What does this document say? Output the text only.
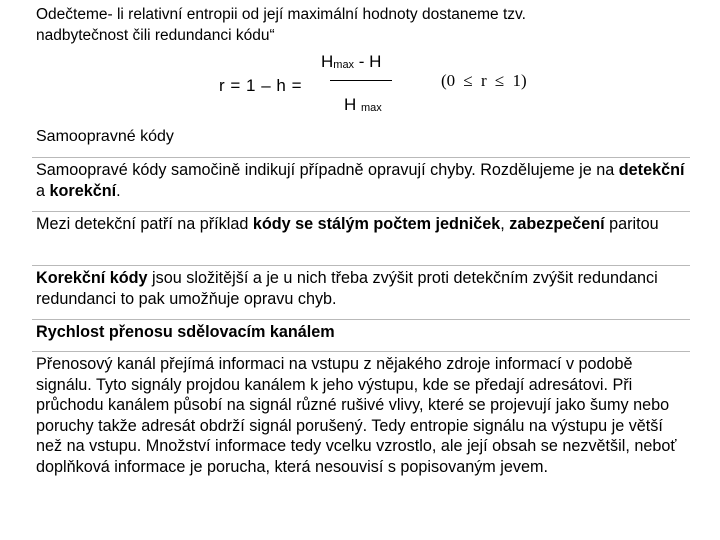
Odečteme- li relativní entropii od její maximální hodnoty dostaneme tzv.
nadbytečnost čili redundanci kódu“
r = 1 – h =
$H_{max}$ - H
H $_{max}$
(0 ≤ r ≤ 1)
Samoopravné kódy

Samoopravé kódy samočině indikují případně opravují chyby. Rozdělujeme je na detekční a korekční.

Mezi detekční patří na příklad kódy se stálým počtem jedniček, zabezpečení paritou

Korekční kódy jsou složitější a je u nich třeba zvýšit proti detekčním zvýšit redundanci redundanci to pak umožňuje opravu chyb.

Rychlost přenosu sdělovacím kanálem

Přenosový kanál přejímá informaci na vstupu z nějakého zdroje informací v podobě signálu. Tyto signály projdou kanálem k jeho výstupu, kde se předají adresátovi. Při průchodu kanálem působí na signál různé rušivé vlivy, které se projevují jako šumy nebo poruchy takže adresát obdrží signál porušený. Tedy entropie signálu na výstupu je větší než na vstupu. Množství informace tedy vcelku vzrostlo, ale její obsah se nezvětšil, neboť doplňková informace je porucha, která nesouvisí s popisovaným jevem.
